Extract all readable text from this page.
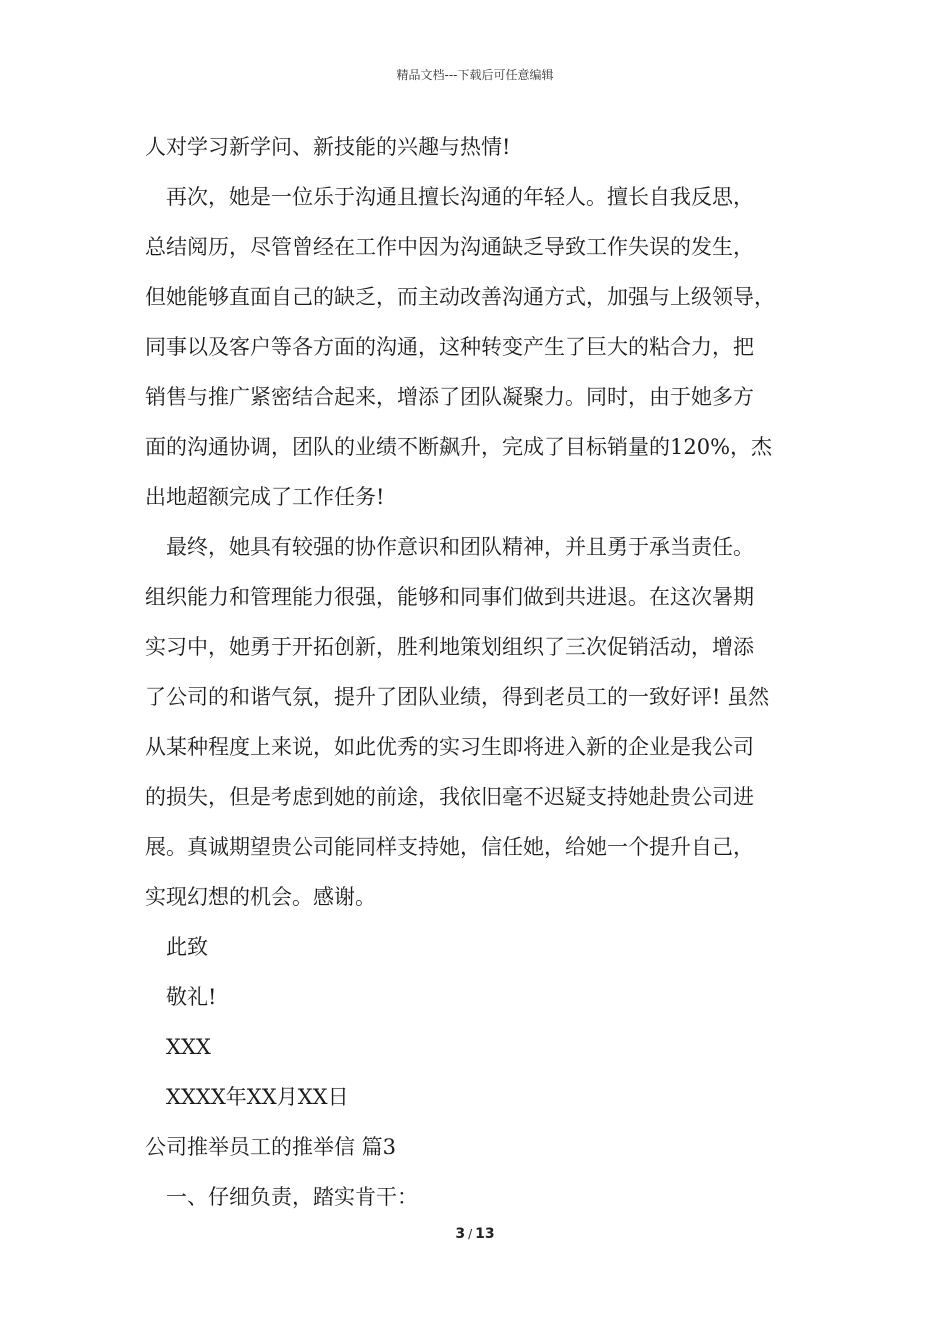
精品文档---下载后可任意编辑
人对学习新学问、新技能的兴趣与热情!
再次，她是一位乐于沟通且擅长沟通的年轻人。擅长自我反思，
总结阅历，尽管曾经在工作中因为沟通缺乏导致工作失误的发生，
但她能够直面自己的缺乏，而主动改善沟通方式，加强与上级领导，
同事以及客户等各方面的沟通，这种转变产生了巨大的粘合力，把
销售与推广紧密结合起来，增添了团队凝聚力。同时，由于她多方
面的沟通协调，团队的业绩不断飙升，完成了目标销量的120%，杰
出地超额完成了工作任务!
最终，她具有较强的协作意识和团队精神，并且勇于承当责任。
组织能力和管理能力很强，能够和同事们做到共进退。在这次暑期
实习中，她勇于开拓创新，胜利地策划组织了三次促销活动，增添
了公司的和谐气氛，提升了团队业绩，得到老员工的一致好评! 虽然
从某种程度上来说，如此优秀的实习生即将进入新的企业是我公司
的损失，但是考虑到她的前途，我依旧毫不迟疑支持她赴贵公司进
展。真诚期望贵公司能同样支持她，信任她，给她一个提升自己，
实现幻想的机会。感谢。
此致
敬礼!
XXX
XXXX年XX月XX日
公司推举员工的推举信 篇3
一、仔细负责，踏实肯干：
3 / 13
